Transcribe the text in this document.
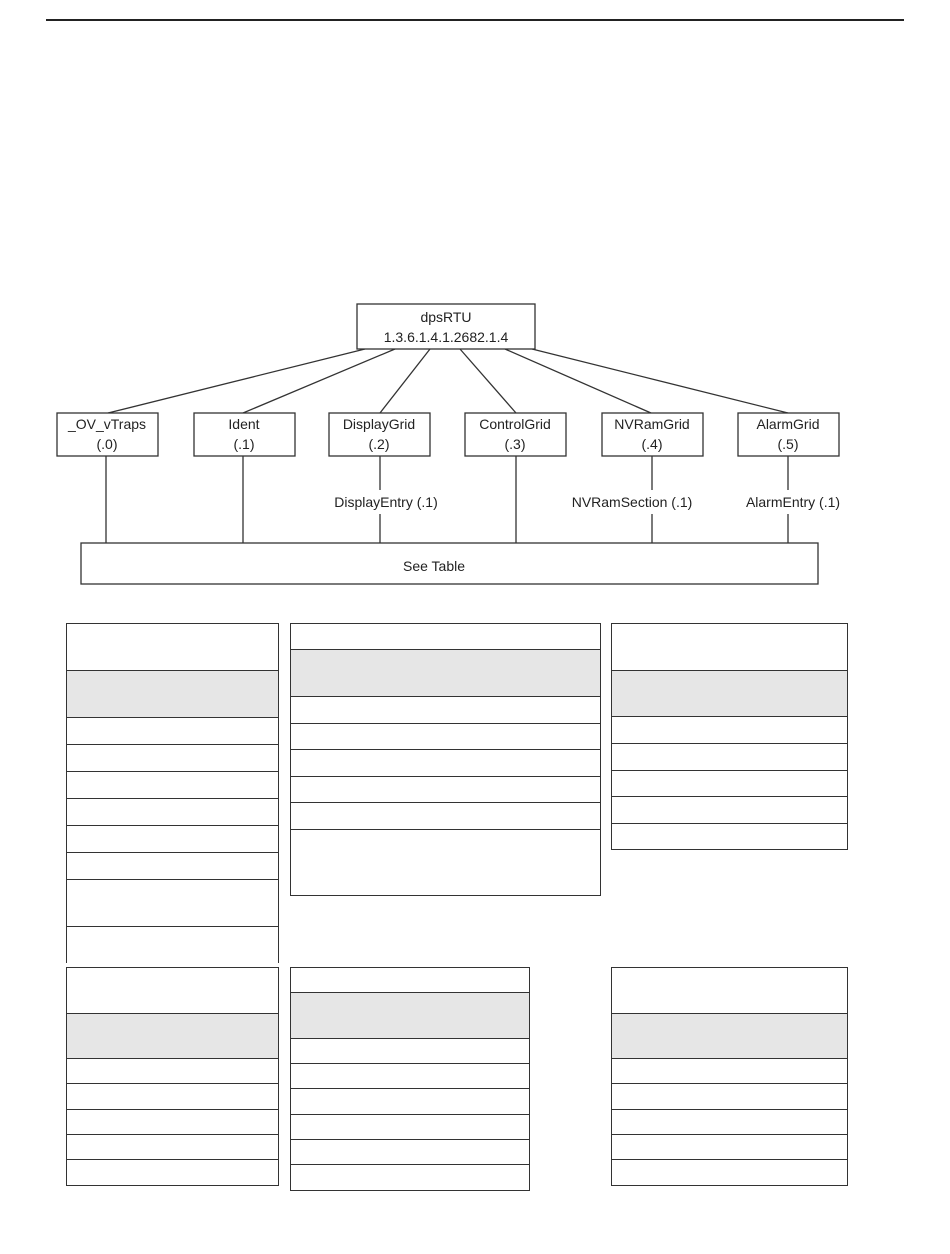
dpsRTU
1.3.6.1.4.1.2682.1.4
_OV_vTraps
(.0)
Ident
(.1)
DisplayGrid
(.2)
ControlGrid
(.3)
NVRamGrid
(.4)
AlarmGrid
(.5)
DisplayEntry (.1)	NVRamSection (.1)	AlarmEntry (.1)
See Table
